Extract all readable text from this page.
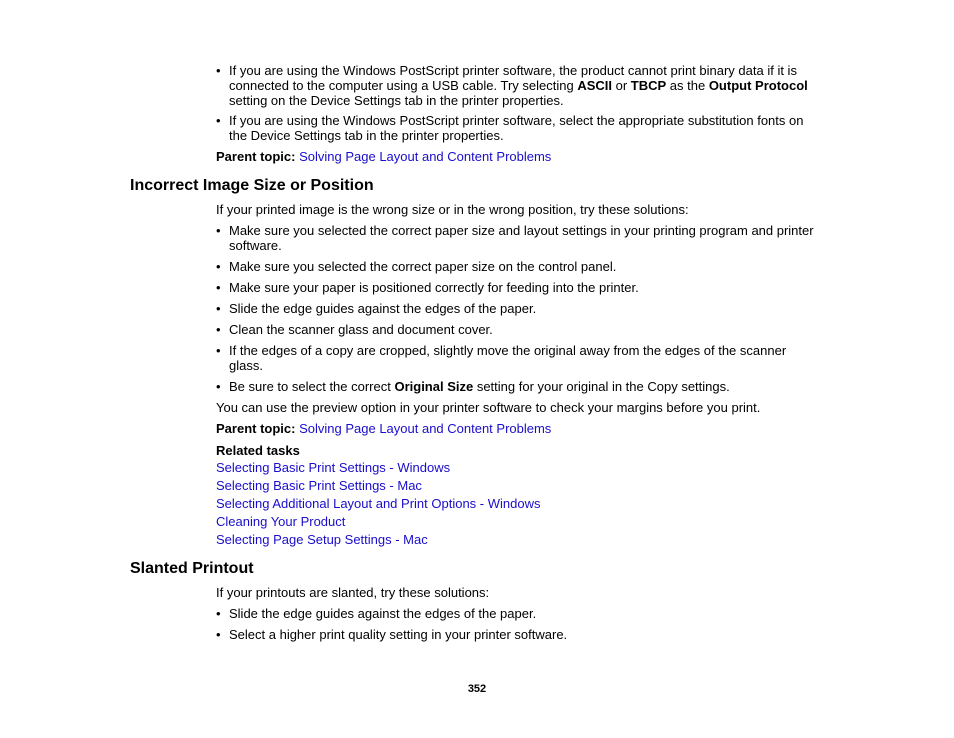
• If you are using the Windows PostScript printer software, the product cannot print binary data if it is
connected to the computer using a USB cable. Try selecting ASCII or TBCP as the Output Protocol
setting on the Device Settings tab in the printer properties.
• If you are using the Windows PostScript printer software, select the appropriate substitution fonts on
the Device Settings tab in the printer properties.
Parent topic: Solving Page Layout and Content Problems
Incorrect Image Size or Position
If your printed image is the wrong size or in the wrong position, try these solutions:
• Make sure you selected the correct paper size and layout settings in your printing program and printer
software.
• Make sure you selected the correct paper size on the control panel.
• Make sure your paper is positioned correctly for feeding into the printer.
• Slide the edge guides against the edges of the paper.
• Clean the scanner glass and document cover.
• If the edges of a copy are cropped, slightly move the original away from the edges of the scanner
glass.
• Be sure to select the correct Original Size setting for your original in the Copy settings.
You can use the preview option in your printer software to check your margins before you print.
Parent topic: Solving Page Layout and Content Problems
Related tasks
Selecting Basic Print Settings - Windows
Selecting Basic Print Settings - Mac
Selecting Additional Layout and Print Options - Windows
Cleaning Your Product
Selecting Page Setup Settings - Mac
Slanted Printout
If your printouts are slanted, try these solutions:
• Slide the edge guides against the edges of the paper.
• Select a higher print quality setting in your printer software.
352
